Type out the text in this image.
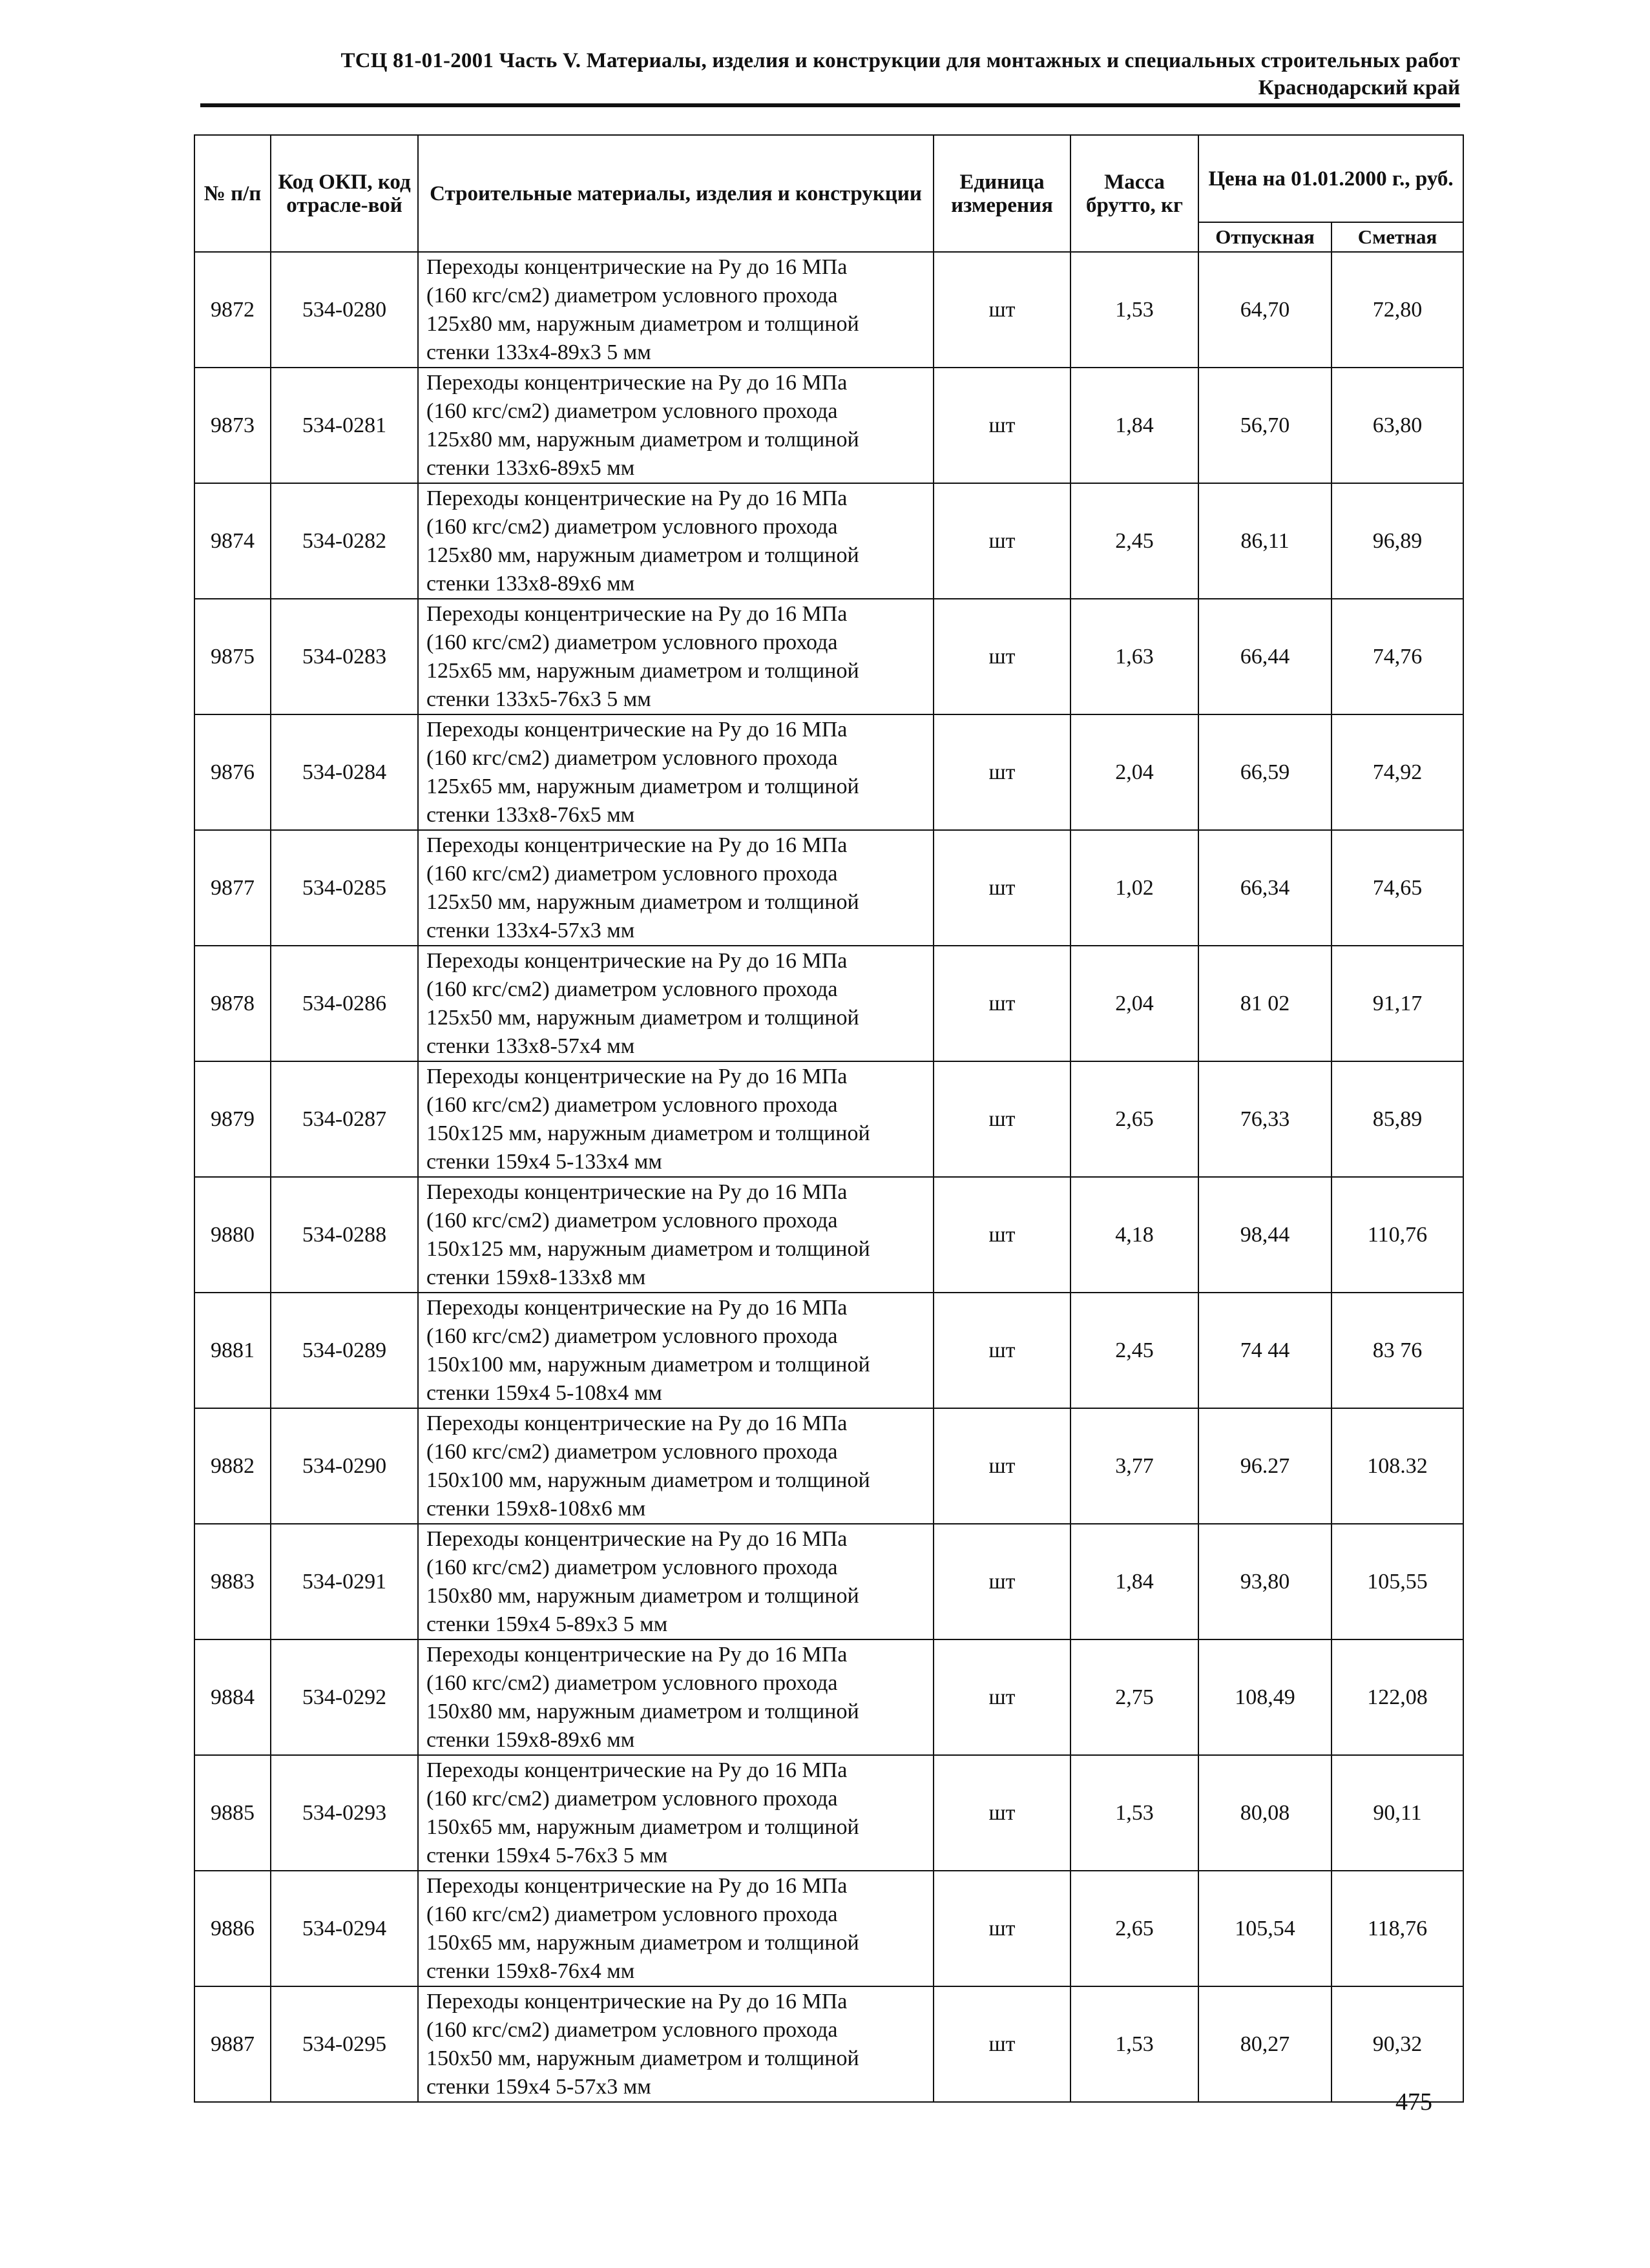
ТСЦ 81-01-2001 Часть V. Материалы, изделия и конструкции для монтажных и специальных строительных работ
Краснодарский край
№ п/п	Код ОКП, код отрасле-вой	Строительные материалы, изделия и конструкции	Единица измерения	Масса брутто, кг	Цена на 01.01.2000 г., руб.	
					Отпускная	Сметная
9872	534-0280	Переходы концентрические на Ру до 16 МПа
(160 кгс/см2) диаметром условного прохода
125х80 мм, наружным диаметром и толщиной
стенки 133х4-89х3 5 мм	шт	1,53	64,70	72,80
9873	534-0281	Переходы концентрические на Ру до 16 МПа
(160 кгс/см2) диаметром условного прохода
125х80 мм, наружным диаметром и толщиной
стенки 133х6-89х5 мм	шт	1,84	56,70	63,80
9874	534-0282	Переходы концентрические на Ру до 16 МПа
(160 кгс/см2) диаметром условного прохода
125х80 мм, наружным диаметром и толщиной
стенки 133х8-89х6 мм	шт	2,45	86,11	96,89
9875	534-0283	Переходы концентрические на Ру до 16 МПа
(160 кгс/см2) диаметром условного прохода
125х65 мм, наружным диаметром и толщиной
стенки 133х5-76х3 5 мм	шт	1,63	66,44	74,76
9876	534-0284	Переходы концентрические на Ру до 16 МПа
(160 кгс/см2) диаметром условного прохода
125х65 мм, наружным диаметром и толщиной
стенки 133х8-76х5 мм	шт	2,04	66,59	74,92
9877	534-0285	Переходы концентрические на Ру до 16 МПа
(160 кгс/см2) диаметром условного прохода
125х50 мм, наружным диаметром и толщиной
стенки 133х4-57х3 мм	шт	1,02	66,34	74,65
9878	534-0286	Переходы концентрические на Ру до 16 МПа
(160 кгс/см2) диаметром условного прохода
125х50 мм, наружным диаметром и толщиной
стенки 133х8-57х4 мм	шт	2,04	81 02	91,17
9879	534-0287	Переходы концентрические на Ру до 16 МПа
(160 кгс/см2) диаметром условного прохода
150х125 мм, наружным диаметром и толщиной
стенки 159х4 5-133х4 мм	шт	2,65	76,33	85,89
9880	534-0288	Переходы концентрические на Ру до 16 МПа
(160 кгс/см2) диаметром условного прохода
150х125 мм, наружным диаметром и толщиной
стенки 159х8-133х8 мм	шт	4,18	98,44	110,76
9881	534-0289	Переходы концентрические на Ру до 16 МПа
(160 кгс/см2) диаметром условного прохода
150х100 мм, наружным диаметром и толщиной
стенки 159х4 5-108х4 мм	шт	2,45	74 44	83 76
9882	534-0290	Переходы концентрические на Ру до 16 МПа
(160 кгс/см2) диаметром условного прохода
150х100 мм, наружным диаметром и толщиной
стенки 159х8-108х6 мм	шт	3,77	96.27	108.32
9883	534-0291	Переходы концентрические на Ру до 16 МПа
(160 кгс/см2) диаметром условного прохода
150х80 мм, наружным диаметром и толщиной
стенки 159х4 5-89х3 5 мм	шт	1,84	93,80	105,55
9884	534-0292	Переходы концентрические на Ру до 16 МПа
(160 кгс/см2) диаметром условного прохода
150х80 мм, наружным диаметром и толщиной
стенки 159х8-89х6 мм	шт	2,75	108,49	122,08
9885	534-0293	Переходы концентрические на Ру до 16 МПа
(160 кгс/см2) диаметром условного прохода
150х65 мм, наружным диаметром и толщиной
стенки 159х4 5-76х3 5 мм	шт	1,53	80,08	90,11
9886	534-0294	Переходы концентрические на Ру до 16 МПа
(160 кгс/см2) диаметром условного прохода
150х65 мм, наружным диаметром и толщиной
стенки 159х8-76х4 мм	шт	2,65	105,54	118,76
9887	534-0295	Переходы концентрические на Ру до 16 МПа
(160 кгс/см2) диаметром условного прохода
150х50 мм, наружным диаметром и толщиной
стенки 159х4 5-57х3 мм	шт	1,53	80,27	90,32
475
